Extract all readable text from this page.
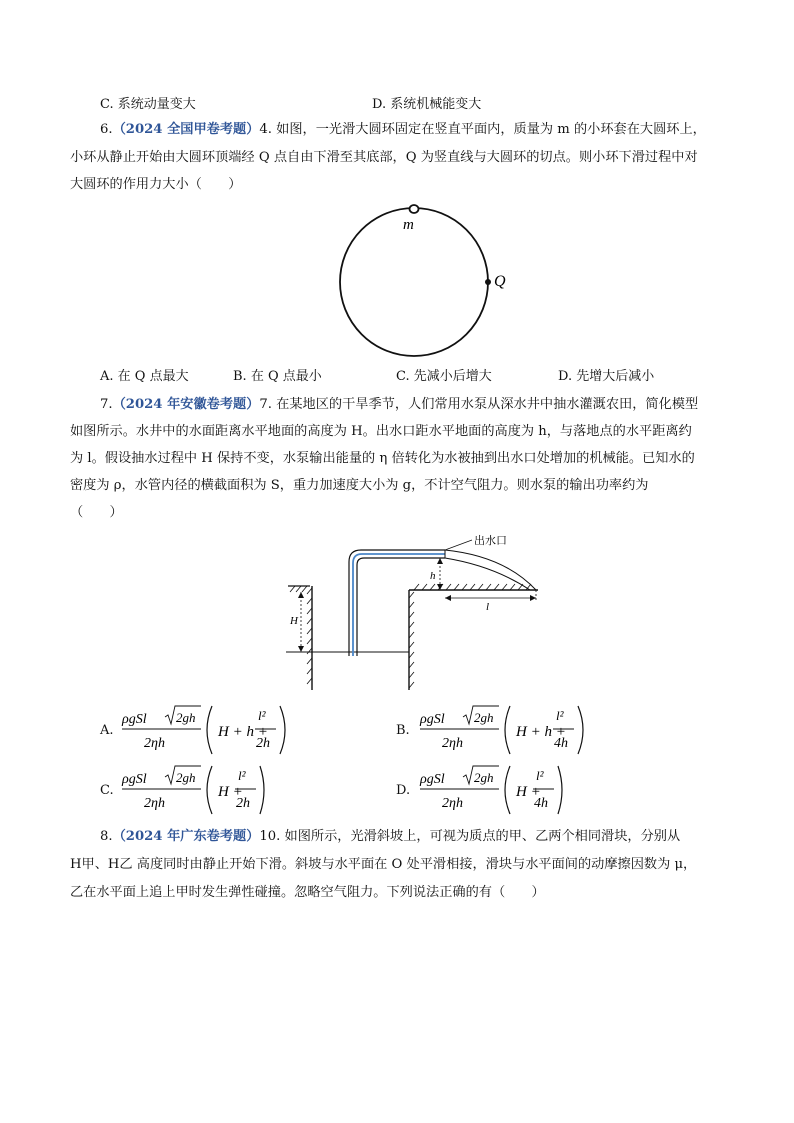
C. 系统动量变大	D. 系统机械能变大
6.（2024 全国甲卷考题）4. 如图，一光滑大圆环固定在竖直平面内，质量为 m 的小环套在大圆环上，
小环从静止开始由大圆环顶端经 Q 点自由下滑至其底部，Q 为竖直线与大圆环的切点。则小环下滑过程中对
大圆环的作用力大小（　　）
m
Q
A. 在 Q 点最大	B. 在 Q 点最小	C. 先减小后增大	D. 先增大后减小
7.（2024 年安徽卷考题）7. 在某地区的干旱季节，人们常用水泵从深水井中抽水灌溉农田，简化模型
如图所示。水井中的水面距离水平地面的高度为 H。出水口距水平地面的高度为 h，与落地点的水平距离约
为 l。假设抽水过程中 H 保持不变，水泵输出能量的 η 倍转化为水被抽到出水口处增加的机械能。已知水的
密度为 ρ，水管内径的横截面积为 S，重力加速度大小为 g，不计空气阻力。则水泵的输出功率约为
（　　）
出水口
h
l
H
A.
ρgSl 2gh
2ηh
H + h +
l²
2h
B.
ρgSl 2gh
2ηh
H + h +
l²
4h
C.
ρgSl 2gh
2ηh
H +
l²
2h
D.
ρgSl 2gh
2ηh
H +
l²
4h
8.（2024 年广东卷考题）10. 如图所示，光滑斜坡上，可视为质点的甲、乙两个相同滑块，分别从
H甲、H乙 高度同时由静止开始下滑。斜坡与水平面在 O 处平滑相接，滑块与水平面间的动摩擦因数为 μ，
乙在水平面上追上甲时发生弹性碰撞。忽略空气阻力。下列说法正确的有（　　）
